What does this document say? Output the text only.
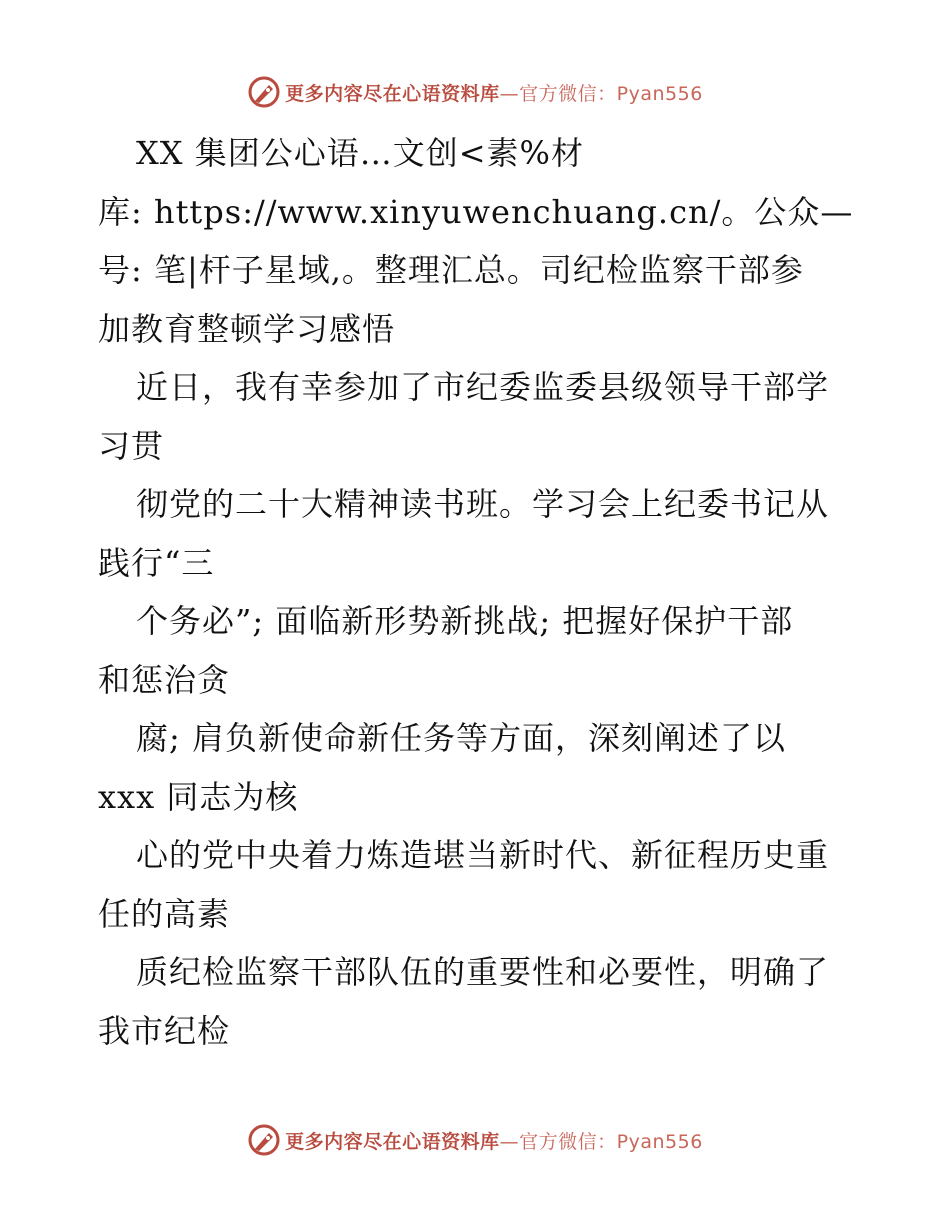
更多内容尽在心语资料库—官方微信：Pyan556
XX 集团公心语…文创<素%材
库: https://www.xinyuwenchuang.cn/。公众—
号: 笔|杆子星域,。整理汇总。司纪检监察干部参
加教育整顿学习感悟
近日，我有幸参加了市纪委监委县级领导干部学
习贯
彻党的二十大精神读书班。学习会上纪委书记从
践行“三
个务必”; 面临新形势新挑战; 把握好保护干部
和惩治贪
腐; 肩负新使命新任务等方面，深刻阐述了以
xxx 同志为核
心的党中央着力炼造堪当新时代、新征程历史重
任的高素
质纪检监察干部队伍的重要性和必要性，明确了
我市纪检
更多内容尽在心语资料库—官方微信：Pyan556
